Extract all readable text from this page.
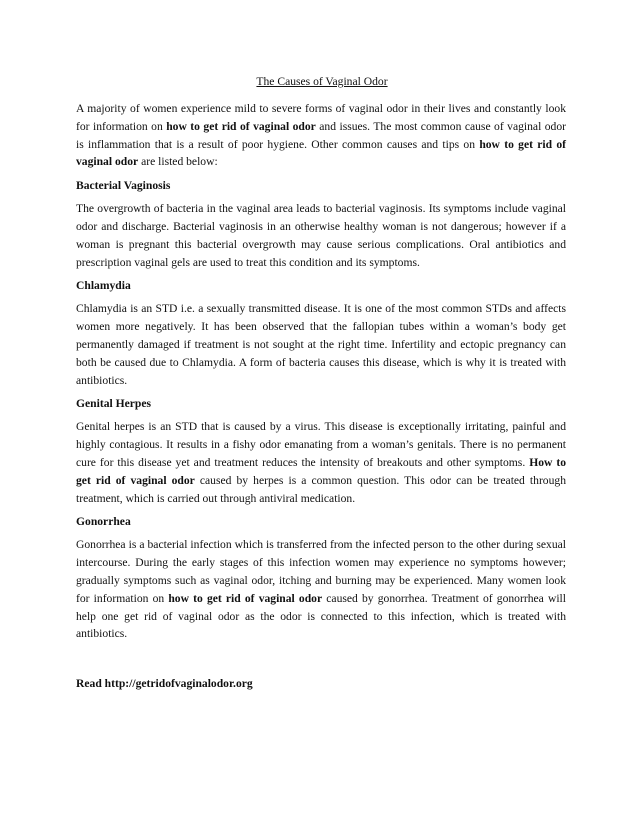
The Causes of Vaginal Odor

A majority of women experience mild to severe forms of vaginal odor in their lives and constantly look for information on how to get rid of vaginal odor and issues. The most common cause of vaginal odor is inflammation that is a result of poor hygiene. Other common causes and tips on how to get rid of vaginal odor are listed below:

Bacterial Vaginosis

The overgrowth of bacteria in the vaginal area leads to bacterial vaginosis. Its symptoms include vaginal odor and discharge. Bacterial vaginosis in an otherwise healthy woman is not dangerous; however if a woman is pregnant this bacterial overgrowth may cause serious complications. Oral antibiotics and prescription vaginal gels are used to treat this condition and its symptoms.

Chlamydia

Chlamydia is an STD i.e. a sexually transmitted disease. It is one of the most common STDs and affects women more negatively. It has been observed that the fallopian tubes within a woman’s body get permanently damaged if treatment is not sought at the right time. Infertility and ectopic pregnancy can both be caused due to Chlamydia. A form of bacteria causes this disease, which is why it is treated with antibiotics.

Genital Herpes

Genital herpes is an STD that is caused by a virus. This disease is exceptionally irritating, painful and highly contagious. It results in a fishy odor emanating from a woman’s genitals. There is no permanent cure for this disease yet and treatment reduces the intensity of breakouts and other symptoms. How to get rid of vaginal odor caused by herpes is a common question. This odor can be treated through treatment, which is carried out through antiviral medication.

Gonorrhea

Gonorrhea is a bacterial infection which is transferred from the infected person to the other during sexual intercourse. During the early stages of this infection women may experience no symptoms however; gradually symptoms such as vaginal odor, itching and burning may be experienced. Many women look for information on how to get rid of vaginal odor caused by gonorrhea. Treatment of gonorrhea will help one get rid of vaginal odor as the odor is connected to this infection, which is treated with antibiotics.

Read http://getridofvaginalodor.org
